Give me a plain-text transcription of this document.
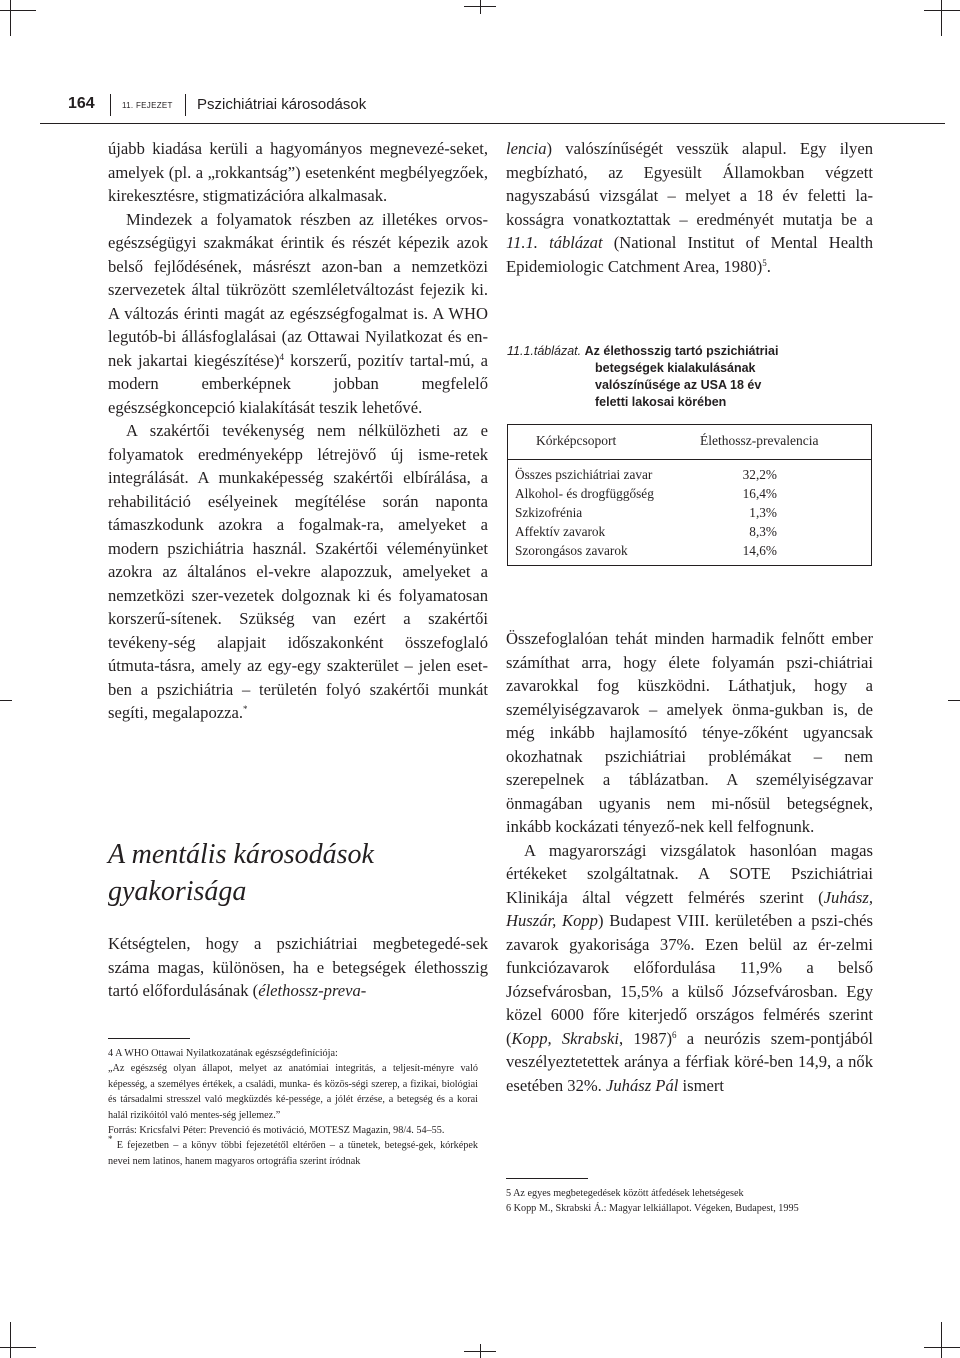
164	11. FEJEZET Pszichiátriai károsodások

újabb kiadása kerüli a hagyományos megnevezé-seket, amelyek (pl. a „rokkantság”) esetenként megbélyegzőek, kirekesztésre, stigmatizációra alkalmasak.

Mindezek a folyamatok részben az illetékes orvos-egészségügyi szakmákat érintik és részét képezik azok belső fejlődésének, másrészt azon-ban a nemzetközi szervezetek által tükrözött szemléletváltozást fejezik ki. A változás érinti magát az egészségfogalmat is. A WHO legutób-bi állásfoglalásai (az Ottawai Nyilatkozat és en-nek jakartai kiegészítése)$^4$ korszerű, pozitív tartal-mú, a modern emberképnek jobban megfelelő egészségkoncepció kialakítását teszik lehetővé.

A szakértői tevékenység nem nélkülözheti az e folyamatok eredményeképp létrejövő új isme-retek integrálását. A munkaképesség szakértői elbírálása, a rehabilitáció esélyeinek megítélése során naponta támaszkodunk azokra a fogalmak-ra, amelyeket a modern pszichiátria használ. Szakértői véleményünket azokra az általános el-vekre alapozzuk, amelyeket a nemzetközi szer-vezetek dolgoznak ki és folyamatosan korszerű-sítenek. Szükség van ezért a szakértői tevékeny-ség alapjait időszakonként összefoglaló útmuta-tásra, amely az egy-egy szakterület – jelen eset-ben a pszichiátria – területén folyó szakértői munkát segíti, megalapozza.*

A mentális károsodások gyakorisága

Kétségtelen, hogy a pszichiátriai megbetegedé-sek száma magas, különösen, ha e betegségek élethosszig tartó előfordulásának (élethossz-preva-

4 A WHO Ottawai Nyilatkozatának egészségdefiníciója:

„Az egészség olyan állapot, melyet az anatómiai integritás, a teljesít-ményre való képesség, a személyes értékek, a családi, munka- és közös-ségi szerep, a fizikai, biológiai és társadalmi stresszel való megküzdés ké-pessége, a jólét érzése, a betegség és a korai halál rizikóitól való mentes-ség jellemez.”

Forrás: Kricsfalvi Péter: Prevenció és motiváció, MOTESZ Magazin, 98/4. 54–55.

* E fejezetben – a könyv többi fejezetétől eltérően – a tünetek, betegsé-gek, kórképek nevei nem latinos, hanem magyaros ortográfia szerint íródnak

lencia) valószínűségét vesszük alapul. Egy ilyen megbízható, az Egyesült Államokban végzett nagyszabású vizsgálat – melyet a 18 év feletti la-kosságra vonatkoztattak – eredményét mutatja be a 11.1. táblázat (National Institut of Mental Health Epidemiologic Catchment Area, 1980)$^5$.

11.1.táblázat. Az élethosszig tartó pszichiátriai
betegségek kialakulásának
valószínűsége az USA 18 év
feletti lakosai körében
Kórképcsoport	Élethossz-prevalencia
Összes pszichiátriai zavar	32,2%
Alkohol- és drogfüggőség	16,4%
Szkizofrénia	1,3%
Affektív zavarok	8,3%
Szorongásos zavarok	14,6%

Összefoglalóan tehát minden harmadik felnőtt ember számíthat arra, hogy élete folyamán pszi-chiátriai zavarokkal fog küszködni. Láthatjuk, hogy a személyiségzavarok – amelyek önma-gukban is, de még inkább hajlamosító ténye-zőként ugyancsak okozhatnak pszichiátriai problémákat – nem szerepelnek a táblázatban. A személyiségzavar önmagában ugyanis nem mi-nősül betegségnek, inkább kockázati tényező-nek kell felfognunk.

A magyarországi vizsgálatok hasonlóan magas értékeket szolgáltatnak. A SOTE Pszichiátriai Klinikája által végzett felmérés szerint (Juhász, Huszár, Kopp) Budapest VIII. kerületében a pszi-chés zavarok gyakorisága 37%. Ezen belül az ér-zelmi funkciózavarok előfordulása 11,9% a belső Józsefvárosban, 15,5% a külső Józsefvárosban. Egy közel 6000 főre kiterjedő országos felmérés szerint (Kopp, Skrabski, 1987)$^6$ a neurózis szem-pontjából veszélyeztetettek aránya a férfiak köré-ben 14,9, a nők esetében 32%. Juhász Pál ismert

5 Az egyes megbetegedések között átfedések lehetségesek

6 Kopp M., Skrabski Á.: Magyar lelkiállapot. Végeken, Budapest, 1995
